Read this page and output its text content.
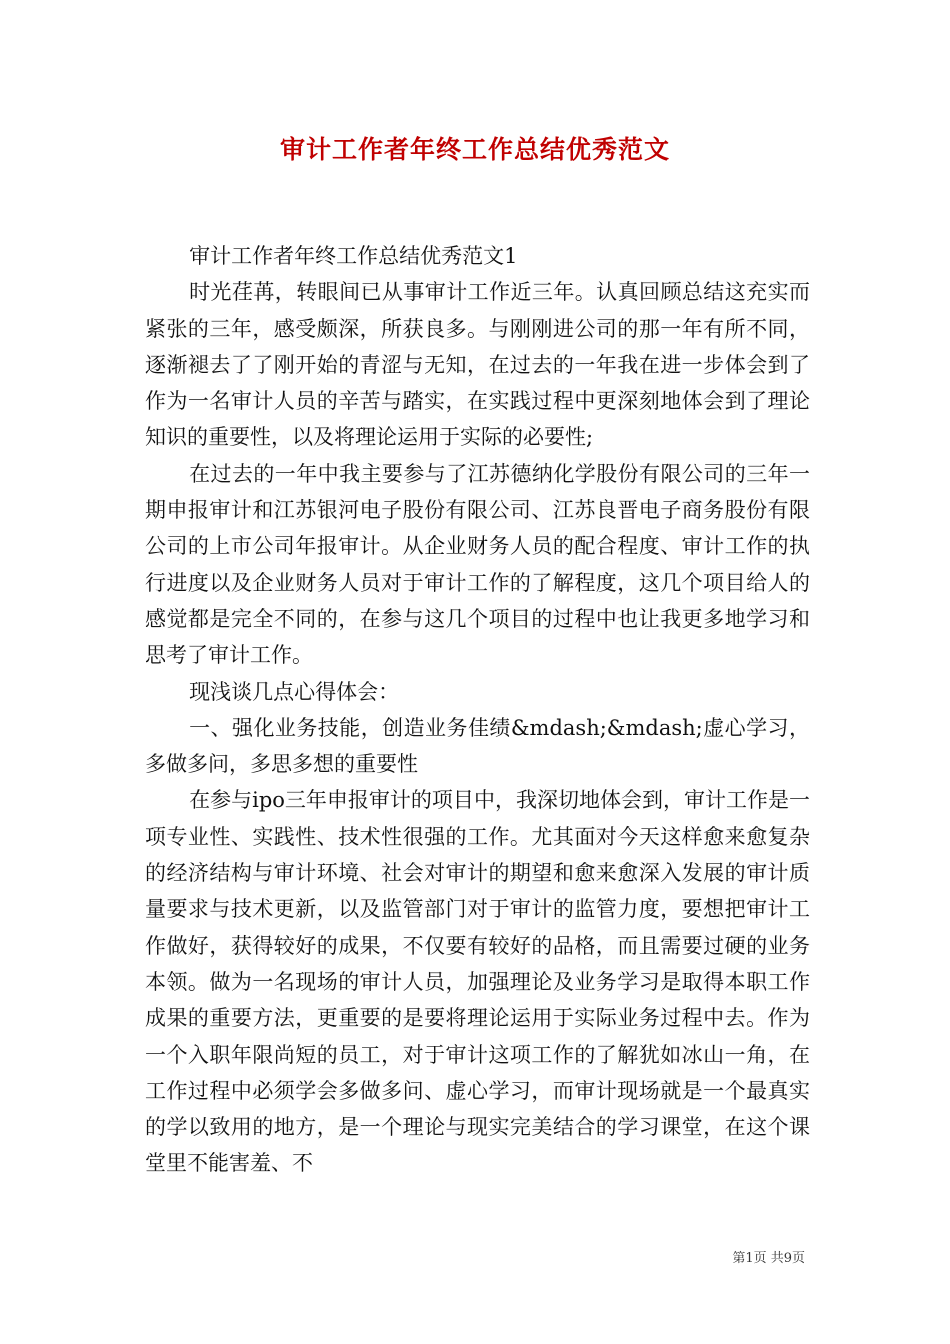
审计工作者年终工作总结优秀范文

审计工作者年终工作总结优秀范文1

时光荏苒，转眼间已从事审计工作近三年。认真回顾总结这充实而紧张的三年，感受颇深，所获良多。与刚刚进公司的那一年有所不同，逐渐褪去了了刚开始的青涩与无知，在过去的一年我在进一步体会到了作为一名审计人员的辛苦与踏实，在实践过程中更深刻地体会到了理论知识的重要性，以及将理论运用于实际的必要性;

在过去的一年中我主要参与了江苏德纳化学股份有限公司的三年一期申报审计和江苏银河电子股份有限公司、江苏良晋电子商务股份有限公司的上市公司年报审计。从企业财务人员的配合程度、审计工作的执行进度以及企业财务人员对于审计工作的了解程度，这几个项目给人的感觉都是完全不同的，在参与这几个项目的过程中也让我更多地学习和思考了审计工作。

现浅谈几点心得体会：

一、强化业务技能，创造业务佳绩&mdash;&mdash;虚心学习，多做多问，多思多想的重要性

在参与ipo三年申报审计的项目中，我深切地体会到，审计工作是一项专业性、实践性、技术性很强的工作。尤其面对今天这样愈来愈复杂的经济结构与审计环境、社会对审计的期望和愈来愈深入发展的审计质量要求与技术更新，以及监管部门对于审计的监管力度，要想把审计工作做好，获得较好的成果，不仅要有较好的品格，而且需要过硬的业务本领。做为一名现场的审计人员，加强理论及业务学习是取得本职工作成果的重要方法，更重要的是要将理论运用于实际业务过程中去。作为一个入职年限尚短的员工，对于审计这项工作的了解犹如冰山一角，在工作过程中必须学会多做多问、虚心学习，而审计现场就是一个最真实的学以致用的地方，是一个理论与现实完美结合的学习课堂，在这个课堂里不能害羞、不

第1页 共9页
